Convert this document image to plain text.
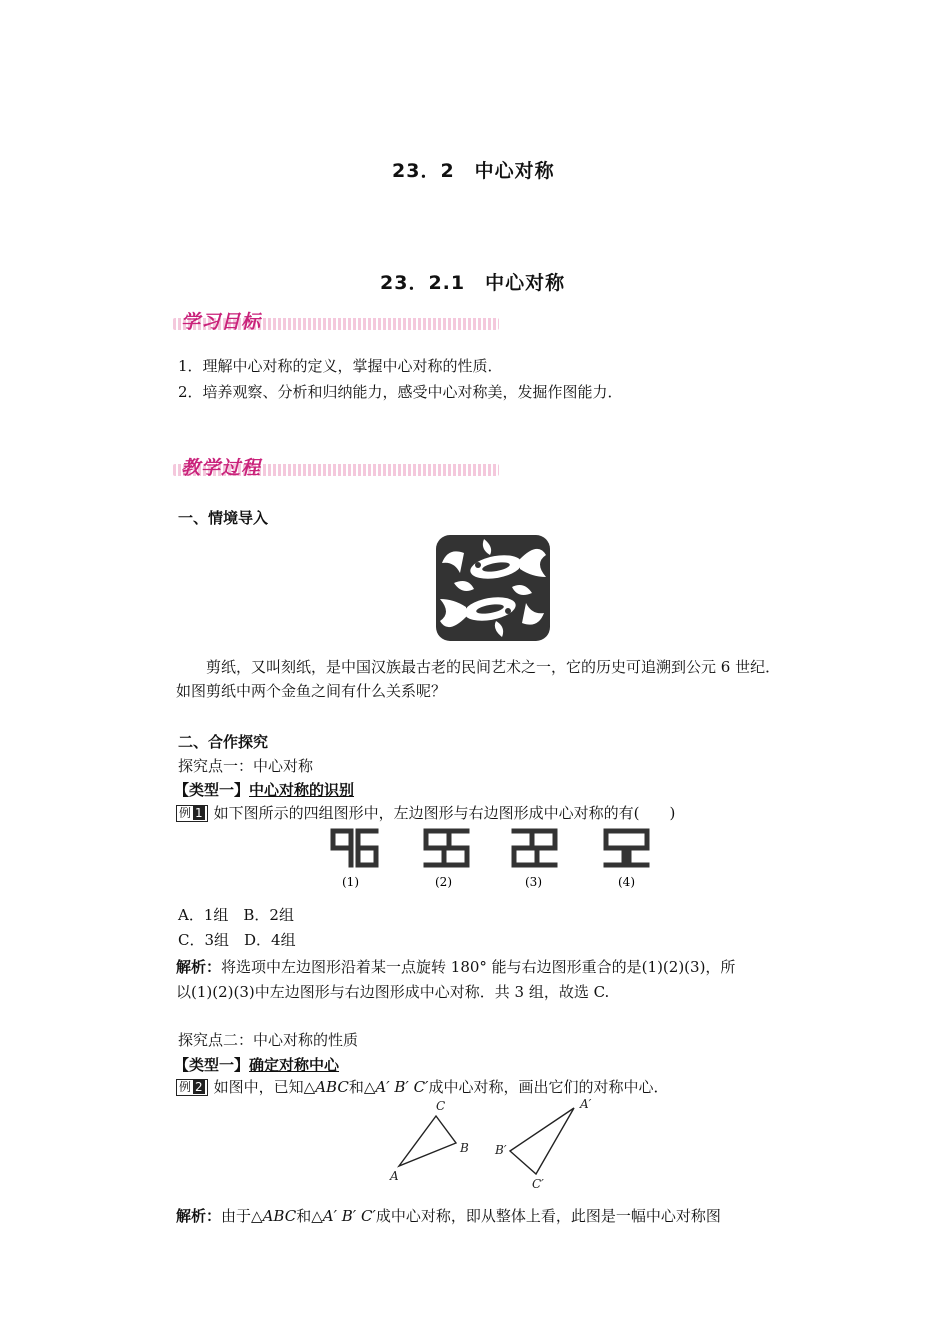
23．2　中心对称
23．2.1　中心对称
学习目标
1．理解中心对称的定义，掌握中心对称的性质．
2．培养观察、分析和归纳能力，感受中心对称美，发掘作图能力．
教学过程
一、情境导入
剪纸，又叫刻纸，是中国汉族最古老的民间艺术之一，它的历史可追溯到公元 6 世纪．
如图剪纸中两个金鱼之间有什么关系呢？
二、合作探究
探究点一：中心对称
【类型一】中心对称的识别
例 1 如下图所示的四组图形中，左边图形与右边图形成中心对称的有(　　)
(1)	(2)	(3)	(4)
A．1组　B．2组
C．3组　D．4组
解析：将选项中左边图形沿着某一点旋转 180° 能与右边图形重合的是(1)(2)(3)，所
以(1)(2)(3)中左边图形与右边图形成中心对称．共 3 组，故选 C.
探究点二：中心对称的性质
【类型一】确定对称中心
例 2 如图中，已知△ABC和△A′ B′ C′成中心对称，画出它们的对称中心．
A
B
C	A′
B′
C′
解析：由于△ABC和△A′ B′ C′成中心对称，即从整体上看，此图是一幅中心对称图
